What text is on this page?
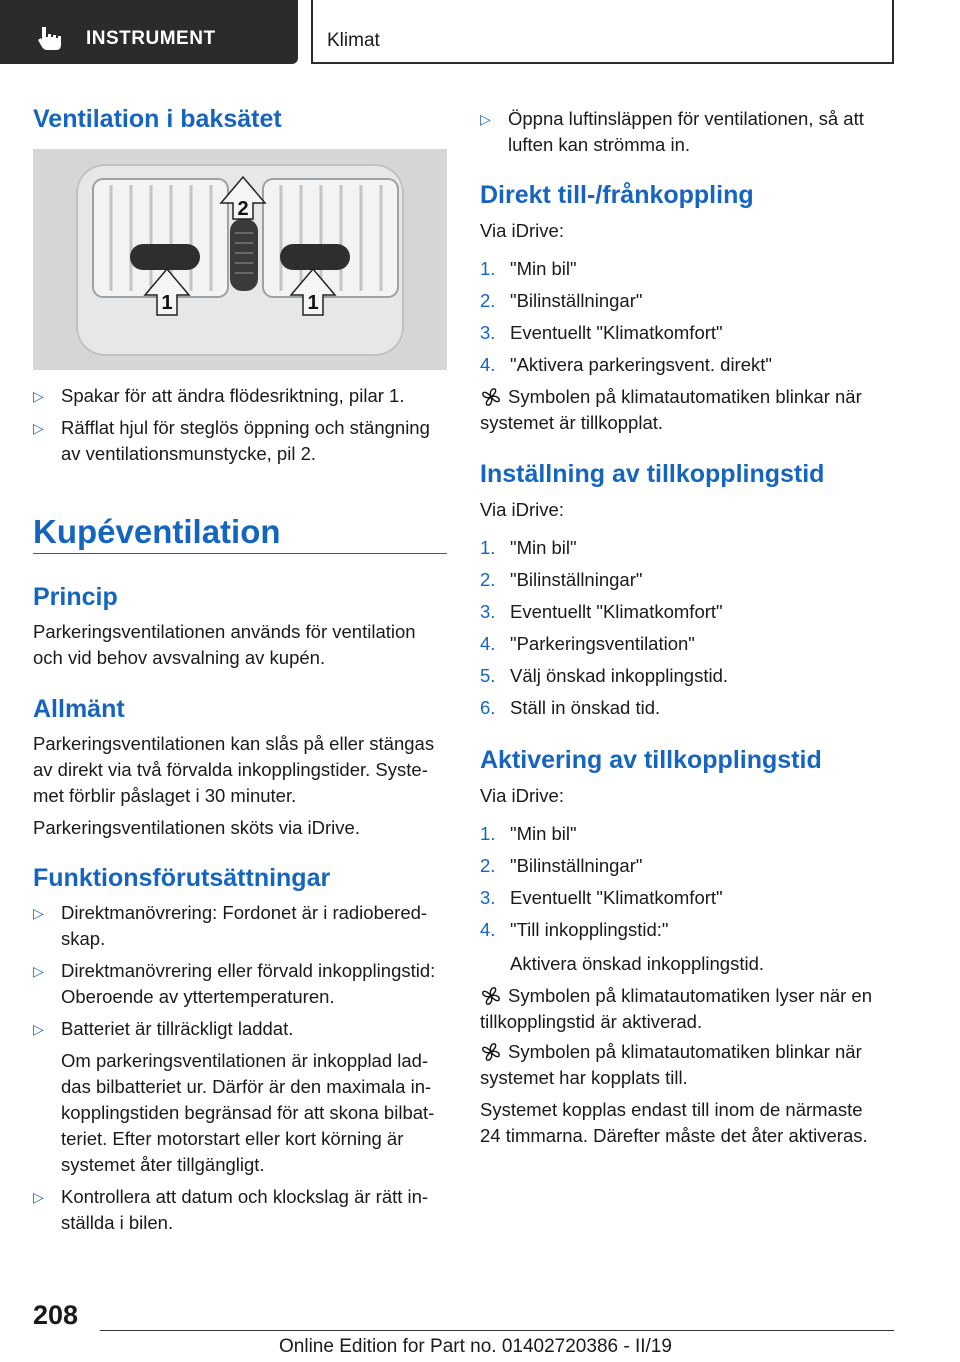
INSTRUMENT	Klimat
Ventilation i baksätet
2
1	1
▷ Spakar för att ändra flödesriktning, pilar 1.
▷ Räfflat hjul för steglös öppning och stängning
av ventilationsmunstycke, pil 2.
Kupéventilation
Princip
Parkeringsventilationen används för ventilation
och vid behov avsvalning av kupén.
Allmänt
Parkeringsventilationen kan slås på eller stängas
av direkt via två förvalda inkopplingstider. Syste‐
met förblir påslaget i 30 minuter.
Parkeringsventilationen sköts via iDrive.
Funktionsförutsättningar
▷ Direktmanövrering: Fordonet är i radiobered‐
skap.
▷ Direktmanövrering eller förvald inkopplingstid:
Oberoende av yttertemperaturen.
▷ Batteriet är tillräckligt laddat.
Om parkeringsventilationen är inkopplad lad‐
das bilbatteriet ur. Därför är den maximala in‐
kopplingstiden begränsad för att skona bilbat‐
teriet. Efter motorstart eller kort körning är
systemet åter tillgängligt.
▷ Kontrollera att datum och klockslag är rätt in‐
ställda i bilen.
▷ Öppna luftinsläppen för ventilationen, så att
luften kan strömma in.
Direkt till-/frånkoppling
Via iDrive:
1. "Min bil"
2. "Bilinställningar"
3. Eventuellt "Klimatkomfort"
4. "Aktivera parkeringsvent. direkt"
Symbolen på klimatautomatiken blinkar när
systemet är tillkopplat.
Inställning av tillkopplingstid
Via iDrive:
1. "Min bil"
2. "Bilinställningar"
3. Eventuellt "Klimatkomfort"
4. "Parkeringsventilation"
5. Välj önskad inkopplingstid.
6. Ställ in önskad tid.
Aktivering av tillkopplingstid
Via iDrive:
1. "Min bil"
2. "Bilinställningar"
3. Eventuellt "Klimatkomfort"
4. "Till inkopplingstid:"
Aktivera önskad inkopplingstid.
Symbolen på klimatautomatiken lyser när en
tillkopplingstid är aktiverad.
Symbolen på klimatautomatiken blinkar när
systemet har kopplats till.
Systemet kopplas endast till inom de närmaste
24 timmarna. Därefter måste det åter aktiveras.
208
Online Edition for Part no. 01402720386 - II/19
